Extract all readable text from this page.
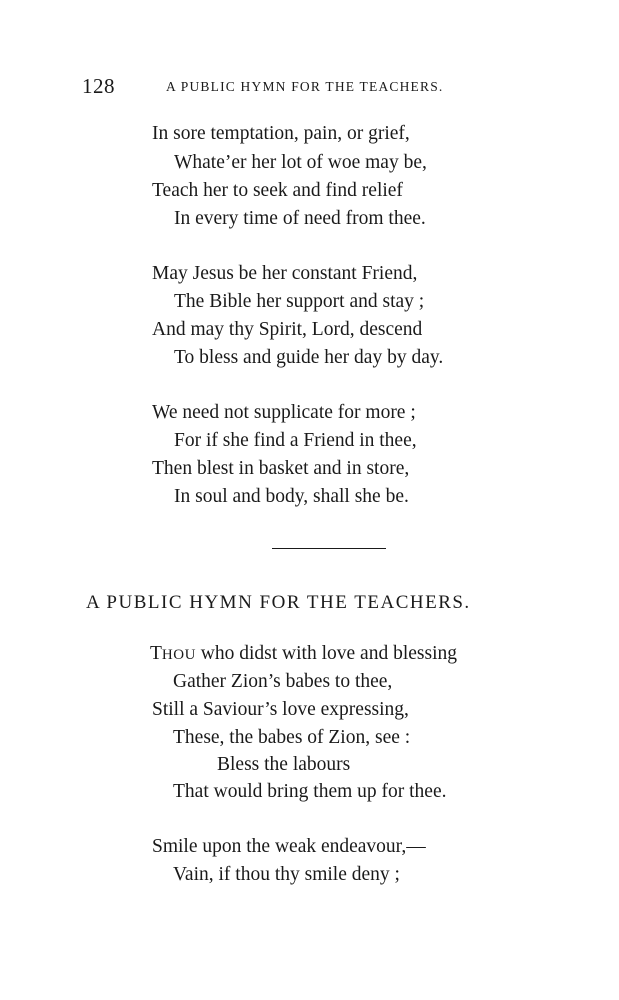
128	A PUBLIC HYMN FOR THE TEACHERS.
In sore temptation, pain, or grief,
Whate’er her lot of woe may be,
Teach her to seek and find relief
In every time of need from thee.
May Jesus be her constant Friend,
The Bible her support and stay ;
And may thy Spirit, Lord, descend
To bless and guide her day by day.
We need not supplicate for more ;
For if she find a Friend in thee,
Then blest in basket and in store,
In soul and body, shall she be.
A PUBLIC HYMN FOR THE TEACHERS.
THOU who didst with love and blessing
Gather Zion’s babes to thee,
Still a Saviour’s love expressing,
These, the babes of Zion, see :
Bless the labours
That would bring them up for thee.
Smile upon the weak endeavour,—
Vain, if thou thy smile deny ;
